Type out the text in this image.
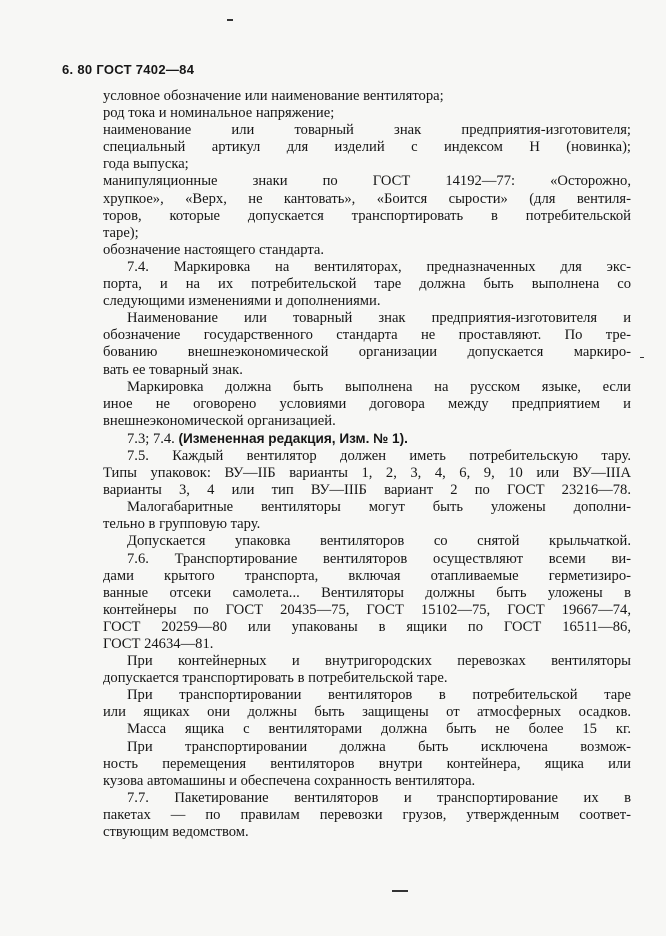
6. 80 ГОСТ 7402—84
условное обозначение или наименование вентилятора;
род тока и номинальное напряжение;
наименование или товарный знак предприятия-изготовителя;
специальный артикул для изделий с индексом Н (новинка);
года выпуска;
манипуляционные знаки по ГОСТ 14192—77: «Осторожно,
хрупкое», «Верх, не кантовать», «Боится сырости» (для вентиля-
торов, которые допускается транспортировать в потребительской
таре);
обозначение настоящего стандарта.
7.4. Маркировка на вентиляторах, предназначенных для экс-
порта, и на их потребительской таре должна быть выполнена со
следующими изменениями и дополнениями.
Наименование или товарный знак предприятия-изготовителя и
обозначение государственного стандарта не проставляют. По тре-
бованию внешнеэкономической организации допускается маркиро-
вать ее товарный знак.
Маркировка должна быть выполнена на русском языке, если
иное не оговорено условиями договора между предприятием и
внешнеэкономической организацией.
7.3; 7.4. (Измененная редакция, Изм. № 1).
7.5. Каждый вентилятор должен иметь потребительскую тару.
Типы упаковок: ВУ—IIБ варианты 1, 2, 3, 4, 6, 9, 10 или ВУ—IIIА
варианты 3, 4 или тип ВУ—IIIБ вариант 2 по ГОСТ 23216—78.
Малогабаритные вентиляторы могут быть уложены дополни-
тельно в групповую тару.
Допускается упаковка вентиляторов со снятой крыльчаткой.
7.6. Транспортирование вентиляторов осуществляют всеми ви-
дами крытого транспорта, включая отапливаемые герметизиро-
ванные отсеки самолета... Вентиляторы должны быть уложены в
контейнеры по ГОСТ 20435—75, ГОСТ 15102—75, ГОСТ 19667—74,
ГОСТ 20259—80 или упакованы в ящики по ГОСТ 16511—86,
ГОСТ 24634—81.
При контейнерных и внутригородских перевозках вентиляторы
допускается транспортировать в потребительской таре.
При транспортировании вентиляторов в потребительской таре
или ящиках они должны быть защищены от атмосферных осадков.
Масса ящика с вентиляторами должна быть не более 15 кг.
При транспортировании должна быть исключена возмож-
ность перемещения вентиляторов внутри контейнера, ящика или
кузова автомашины и обеспечена сохранность вентилятора.
7.7. Пакетирование вентиляторов и транспортирование их в
пакетах — по правилам перевозки грузов, утвержденным соответ-
ствующим ведомством.
